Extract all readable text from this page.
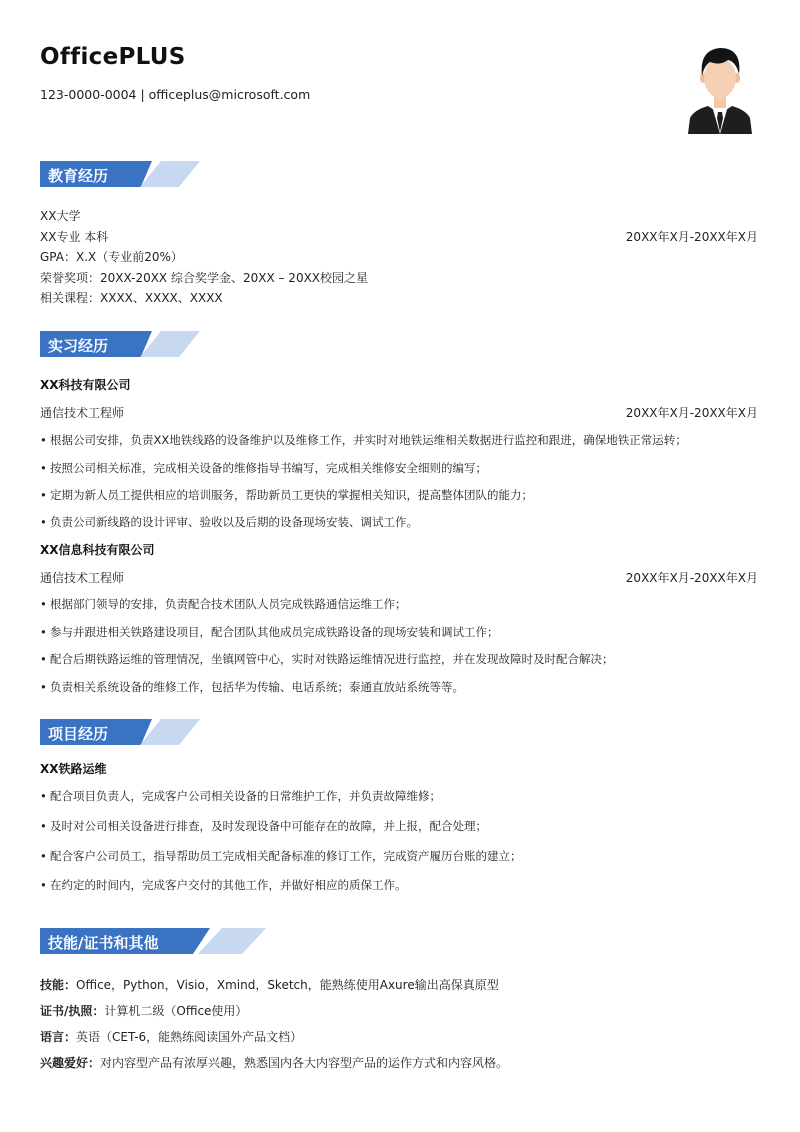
OfficePLUS
123-0000-0004 | officeplus@microsoft.com
教育经历
XX大学
XX专业 本科	20XX年X月-20XX年X月
GPA：X.X（专业前20%）
荣誉奖项：20XX-20XX 综合奖学金、20XX – 20XX校园之星
相关课程：XXXX、XXXX、XXXX
实习经历
XX科技有限公司
通信技术工程师	20XX年X月-20XX年X月
• 根据公司安排，负责XX地铁线路的设备维护以及维修工作，并实时对地铁运维相关数据进行监控和跟进，确保地铁正常运转；
• 按照公司相关标准，完成相关设备的维修指导书编写，完成相关维修安全细则的编写；
• 定期为新人员工提供相应的培训服务，帮助新员工更快的掌握相关知识，提高整体团队的能力；
• 负责公司新线路的设计评审、验收以及后期的设备现场安装、调试工作。
XX信息科技有限公司
通信技术工程师	20XX年X月-20XX年X月
• 根据部门领导的安排，负责配合技术团队人员完成铁路通信运维工作；
• 参与并跟进相关铁路建设项目，配合团队其他成员完成铁路设备的现场安装和调试工作；
• 配合后期铁路运维的管理情况，坐镇网管中心，实时对铁路运维情况进行监控，并在发现故障时及时配合解决；
• 负责相关系统设备的维修工作，包括华为传输、电话系统；泰通直放站系统等等。
项目经历
XX铁路运维
• 配合项目负责人，完成客户公司相关设备的日常维护工作，并负责故障维修；
• 及时对公司相关设备进行排查，及时发现设备中可能存在的故障，并上报，配合处理；
• 配合客户公司员工，指导帮助员工完成相关配备标准的修订工作，完成资产履历台账的建立；
• 在约定的时间内，完成客户交付的其他工作，并做好相应的质保工作。
技能/证书和其他
技能：Office，Python，Visio，Xmind，Sketch，能熟练使用Axure输出高保真原型
证书/执照：计算机二级（Office使用）
语言：英语（CET-6，能熟练阅读国外产品文档）
兴趣爱好：对内容型产品有浓厚兴趣，熟悉国内各大内容型产品的运作方式和内容风格。
